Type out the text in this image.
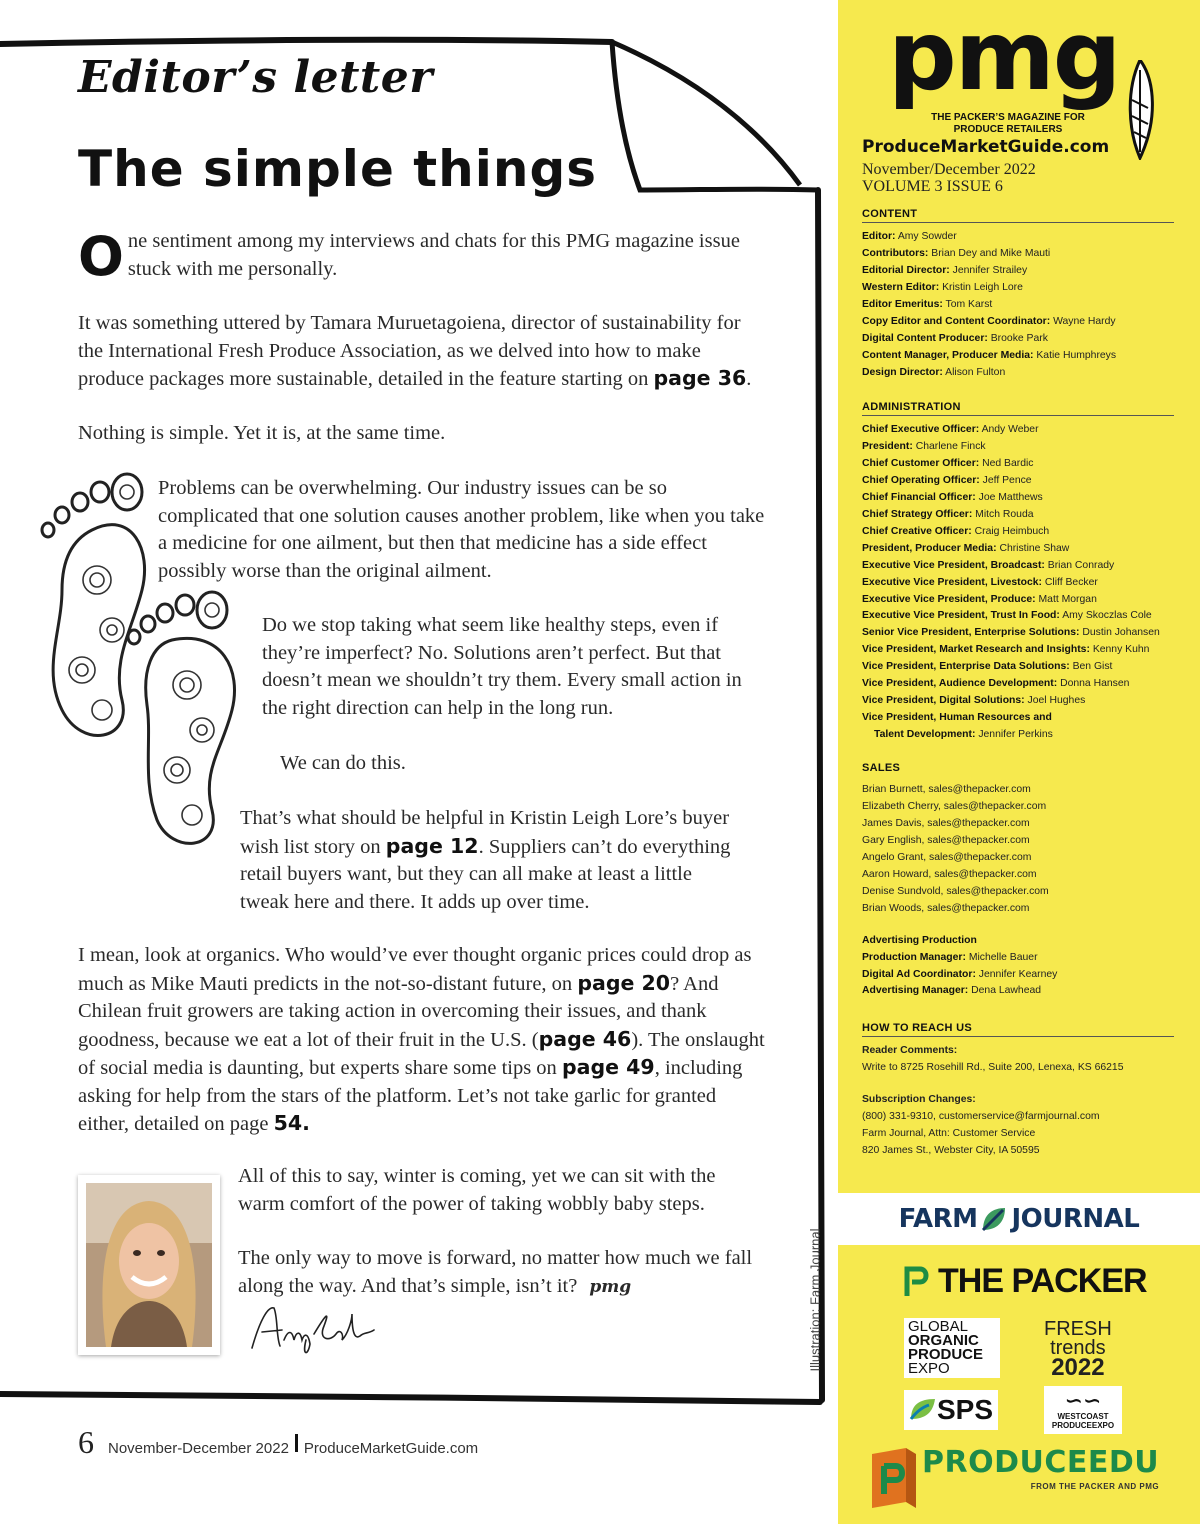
Editor’s letter
The simple things
One sentiment among my interviews and chats for this PMG magazine issue stuck with me personally.
It was something uttered by Tamara Muruetagoiena, director of sustainability for the International Fresh Produce Association, as we delved into how to make produce packages more sustainable, detailed in the feature starting on page 36.
Nothing is simple. Yet it is, at the same time.
Problems can be overwhelming. Our industry issues can be so complicated that one solution causes another problem, like when you take a medicine for one ailment, but then that medicine has a side effect possibly worse than the original ailment.
Do we stop taking what seem like healthy steps, even if they’re imperfect? No. Solutions aren’t perfect. But that doesn’t mean we shouldn’t try them. Every small action in the right direction can help in the long run.
We can do this.
That’s what should be helpful in Kristin Leigh Lore’s buyer wish list story on page 12. Suppliers can’t do everything retail buyers want, but they can all make at least a little tweak here and there. It adds up over time.
I mean, look at organics. Who would’ve ever thought organic prices could drop as much as Mike Mauti predicts in the not-so-distant future, on page 20? And Chilean fruit growers are taking action in overcoming their issues, and thank goodness, because we eat a lot of their fruit in the U.S. (page 46). The onslaught of social media is daunting, but experts share some tips on page 49, including asking for help from the stars of the platform. Let’s not take garlic for granted either, detailed on page 54.
All of this to say, winter is coming, yet we can sit with the warm comfort of the power of taking wobbly baby steps.
The only way to move is forward, no matter how much we fall along the way. And that’s simple, isn’t it? pmg	Illustration: Farm Journal
6 November-December 2022 ProduceMarketGuide.com
pmg
THE PACKER’S MAGAZINE FOR PRODUCE RETAILERS
ProduceMarketGuide.com
November/December 2022
VOLUME 3 ISSUE 6
CONTENT
Editor: Amy Sowder
Contributors: Brian Dey and Mike Mauti
Editorial Director: Jennifer Strailey
Western Editor: Kristin Leigh Lore
Editor Emeritus: Tom Karst
Copy Editor and Content Coordinator: Wayne Hardy
Digital Content Producer: Brooke Park
Content Manager, Producer Media: Katie Humphreys
Design Director: Alison Fulton
ADMINISTRATION
Chief Executive Officer: Andy Weber
President: Charlene Finck
Chief Customer Officer: Ned Bardic
Chief Operating Officer: Jeff Pence
Chief Financial Officer: Joe Matthews
Chief Strategy Officer: Mitch Rouda
Chief Creative Officer: Craig Heimbuch
President, Producer Media: Christine Shaw
Executive Vice President, Broadcast: Brian Conrady
Executive Vice President, Livestock: Cliff Becker
Executive Vice President, Produce: Matt Morgan
Executive Vice President, Trust In Food: Amy Skoczlas Cole
Senior Vice President, Enterprise Solutions: Dustin Johansen
Vice President, Market Research and Insights: Kenny Kuhn
Vice President, Enterprise Data Solutions: Ben Gist
Vice President, Audience Development: Donna Hansen
Vice President, Digital Solutions: Joel Hughes
Vice President, Human Resources and
Talent Development: Jennifer Perkins
SALES
Brian Burnett, sales@thepacker.com
Elizabeth Cherry, sales@thepacker.com
James Davis, sales@thepacker.com
Gary English, sales@thepacker.com
Angelo Grant, sales@thepacker.com
Aaron Howard, sales@thepacker.com
Denise Sundvold, sales@thepacker.com
Brian Woods, sales@thepacker.com
Advertising Production
Production Manager: Michelle Bauer
Digital Ad Coordinator: Jennifer Kearney
Advertising Manager: Dena Lawhead
HOW TO REACH US
Reader Comments:
Write to 8725 Rosehill Rd., Suite 200, Lenexa, KS 66215
Subscription Changes:
(800) 331-9310, customerservice@farmjournal.com
Farm Journal, Attn: Customer Service
820 James St., Webster City, IA 50595
FARM JOURNAL
THE PACKER
GLOBAL
ORGANIC
PRODUCE
EXPO
FRESH
trends
2022
SPS	∽∽
WESTCOAST
PRODUCEEXPO
PRODUCEEDU
FROM THE PACKER AND PMG
